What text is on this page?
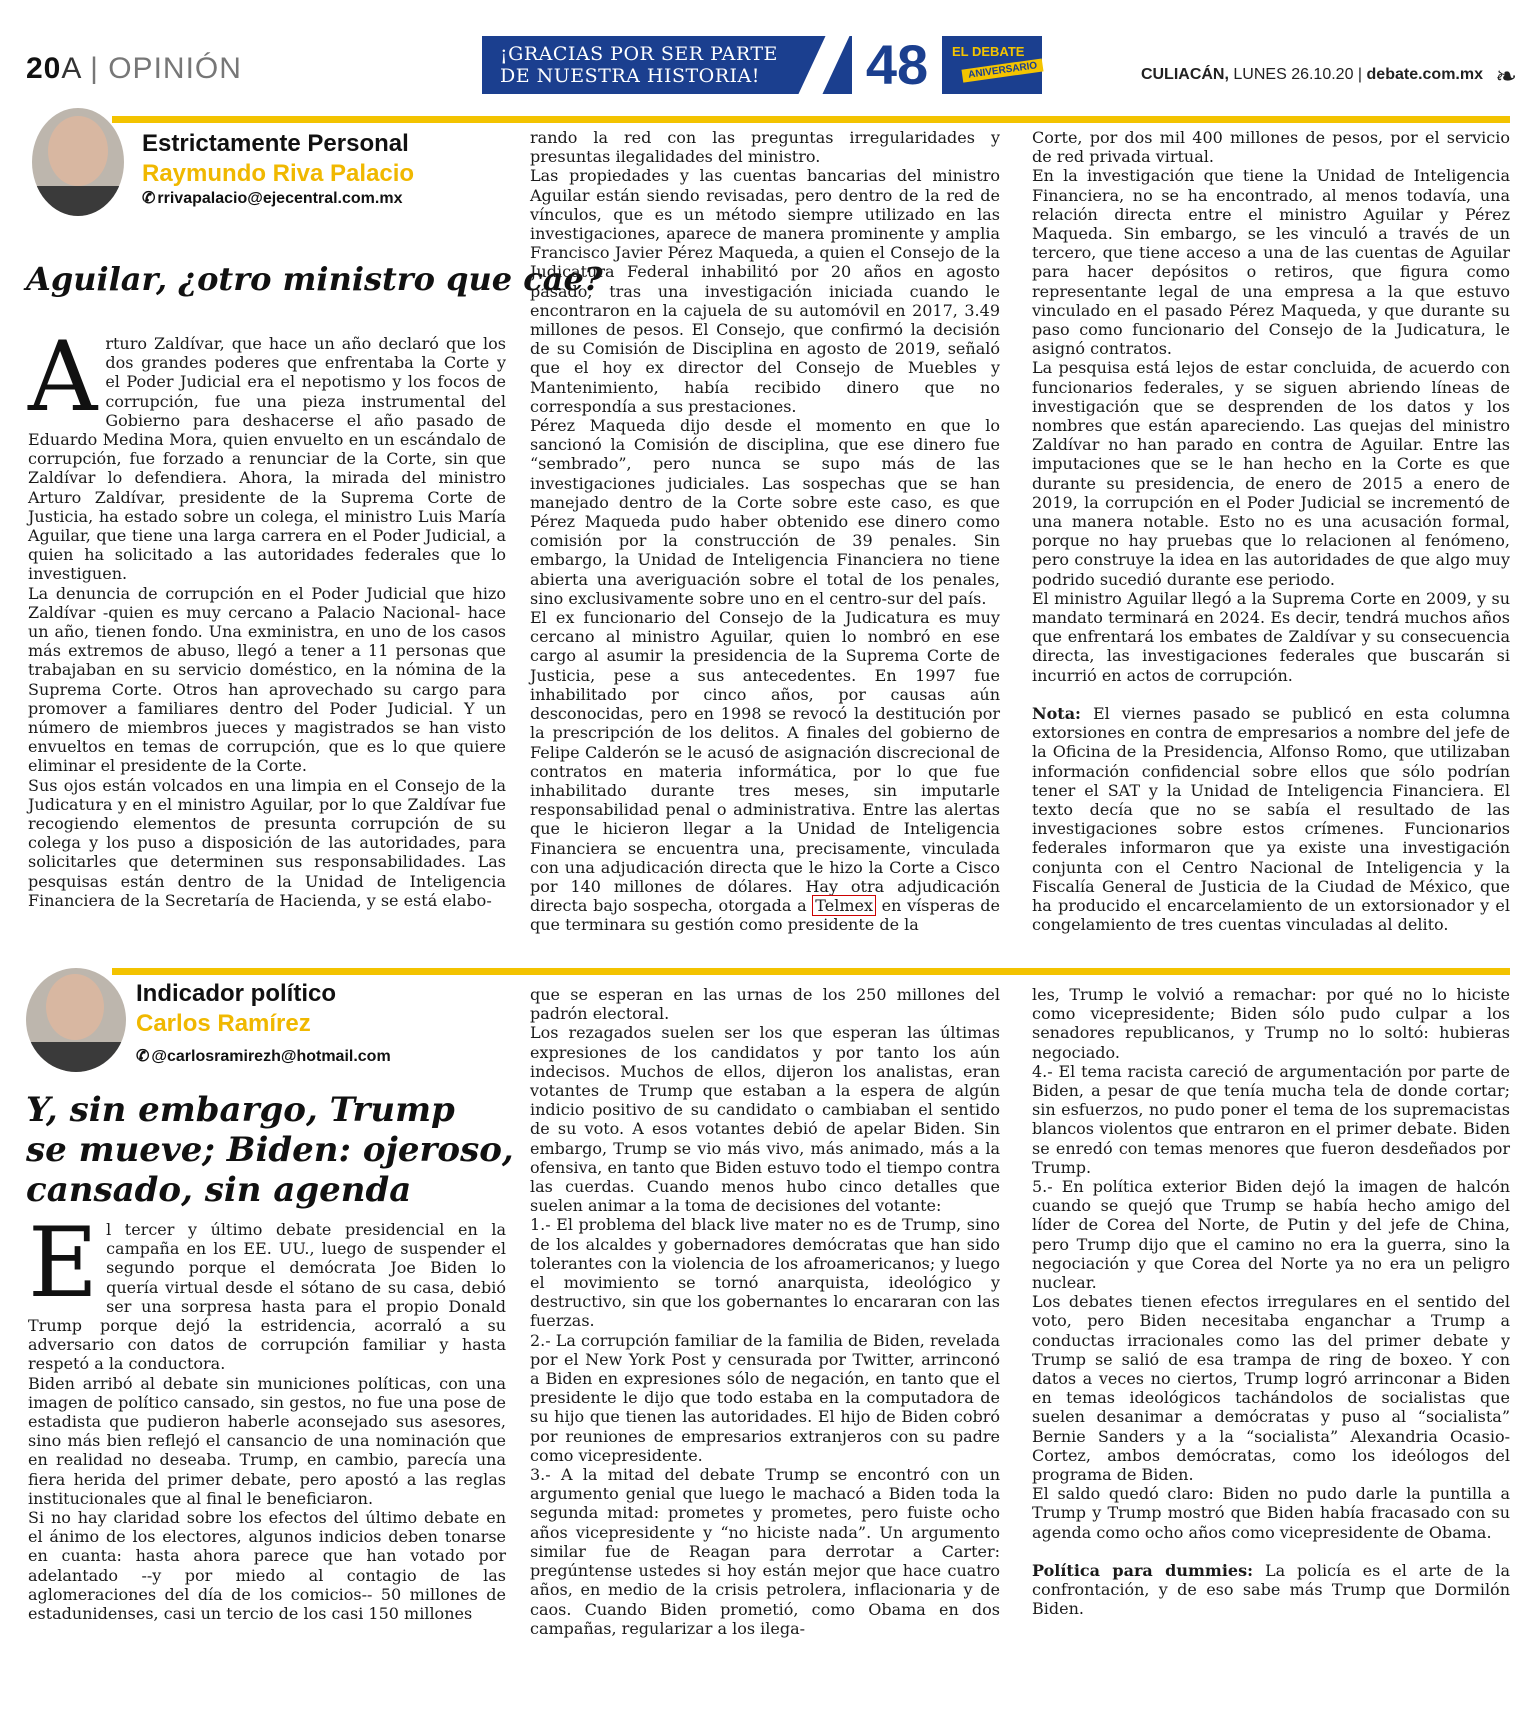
20A | OPINIÓN	¡GRACIAS POR SER PARTE
DE NUESTRA HISTORIA!	48	EL DEBATE
ANIVERSARIO	CULIACÁN, LUNES 26.10.20 | debate.com.mx ❧
Estrictamente Personal
Raymundo Riva Palacio
✆ rrivapalacio@ejecentral.com.mx
Aguilar, ¿otro ministro que cae?

Arturo Zaldívar, que hace un año declaró que los dos grandes poderes que enfrentaba la Corte y el Poder Judicial era el nepotismo y los focos de corrupción, fue una pieza instrumental del Gobierno para deshacerse el año pasado de Eduardo Medina Mora, quien envuelto en un escándalo de corrupción, fue forzado a renunciar de la Corte, sin que Zaldívar lo defendiera. Ahora, la mirada del ministro Arturo Zaldívar, presidente de la Suprema Corte de Justicia, ha estado sobre un colega, el ministro Luis María Aguilar, que tiene una larga carrera en el Poder Judicial, a quien ha solicitado a las autoridades federales que lo investiguen.

La denuncia de corrupción en el Poder Judicial que hizo Zaldívar -quien es muy cercano a Palacio Nacional- hace un año, tienen fondo. Una exministra, en uno de los casos más extremos de abuso, llegó a tener a 11 personas que trabajaban en su servicio doméstico, en la nómina de la Suprema Corte. Otros han aprovechado su cargo para promover a familiares dentro del Poder Judicial. Y un número de miembros jueces y magistrados se han visto envueltos en temas de corrupción, que es lo que quiere eliminar el presidente de la Corte.

Sus ojos están volcados en una limpia en el Consejo de la Judicatura y en el ministro Aguilar, por lo que Zaldívar fue recogiendo elementos de presunta corrupción de su colega y los puso a disposición de las autoridades, para solicitarles que determinen sus responsabilidades. Las pesquisas están dentro de la Unidad de Inteligencia Financiera de la Secretaría de Hacienda, y se está elabo-

rando la red con las preguntas irregularidades y presuntas ilegalidades del ministro.

Las propiedades y las cuentas bancarias del ministro Aguilar están siendo revisadas, pero dentro de la red de vínculos, que es un método siempre utilizado en las investigaciones, aparece de manera prominente y amplia Francisco Javier Pérez Maqueda, a quien el Consejo de la Judicatura Federal inhabilitó por 20 años en agosto pasado, tras una investigación iniciada cuando le encontraron en la cajuela de su automóvil en 2017, 3.49 millones de pesos. El Consejo, que confirmó la decisión de su Comisión de Disciplina en agosto de 2019, señaló que el hoy ex director del Consejo de Muebles y Mantenimiento, había recibido dinero que no correspondía a sus prestaciones.

Pérez Maqueda dijo desde el momento en que lo sancionó la Comisión de disciplina, que ese dinero fue “sembrado”, pero nunca se supo más de las investigaciones judiciales. Las sospechas que se han manejado dentro de la Corte sobre este caso, es que Pérez Maqueda pudo haber obtenido ese dinero como comisión por la construcción de 39 penales. Sin embargo, la Unidad de Inteligencia Financiera no tiene abierta una averiguación sobre el total de los penales, sino exclusivamente sobre uno en el centro-sur del país.

El ex funcionario del Consejo de la Judicatura es muy cercano al ministro Aguilar, quien lo nombró en ese cargo al asumir la presidencia de la Suprema Corte de Justicia, pese a sus antecedentes. En 1997 fue inhabilitado por cinco años, por causas aún desconocidas, pero en 1998 se revocó la destitución por la prescripción de los delitos. A finales del gobierno de Felipe Calderón se le acusó de asignación discrecional de contratos en materia informática, por lo que fue inhabilitado durante tres meses, sin imputarle responsabilidad penal o administrativa. Entre las alertas que le hicieron llegar a la Unidad de Inteligencia Financiera se encuentra una, precisamente, vinculada con una adjudicación directa que le hizo la Corte a Cisco por 140 millones de dólares. Hay otra adjudicación directa bajo sospecha, otorgada a Telmex en vísperas de que terminara su gestión como presidente de la

Corte, por dos mil 400 millones de pesos, por el servicio de red privada virtual.

En la investigación que tiene la Unidad de Inteligencia Financiera, no se ha encontrado, al menos todavía, una relación directa entre el ministro Aguilar y Pérez Maqueda. Sin embargo, se les vinculó a través de un tercero, que tiene acceso a una de las cuentas de Aguilar para hacer depósitos o retiros, que figura como representante legal de una empresa a la que estuvo vinculado en el pasado Pérez Maqueda, y que durante su paso como funcionario del Consejo de la Judicatura, le asignó contratos.

La pesquisa está lejos de estar concluida, de acuerdo con funcionarios federales, y se siguen abriendo líneas de investigación que se desprenden de los datos y los nombres que están apareciendo. Las quejas del ministro Zaldívar no han parado en contra de Aguilar. Entre las imputaciones que se le han hecho en la Corte es que durante su presidencia, de enero de 2015 a enero de 2019, la corrupción en el Poder Judicial se incrementó de una manera notable. Esto no es una acusación formal, porque no hay pruebas que lo relacionen al fenómeno, pero construye la idea en las autoridades de que algo muy podrido sucedió durante ese periodo.

El ministro Aguilar llegó a la Suprema Corte en 2009, y su mandato terminará en 2024. Es decir, tendrá muchos años que enfrentará los embates de Zaldívar y su consecuencia directa, las investigaciones federales que buscarán si incurrió en actos de corrupción.

Nota: El viernes pasado se publicó en esta columna extorsiones en contra de empresarios a nombre del jefe de la Oficina de la Presidencia, Alfonso Romo, que utilizaban información confidencial sobre ellos que sólo podrían tener el SAT y la Unidad de Inteligencia Financiera. El texto decía que no se sabía el resultado de las investigaciones sobre estos crímenes. Funcionarios federales informaron que ya existe una investigación conjunta con el Centro Nacional de Inteligencia y la Fiscalía General de Justicia de la Ciudad de México, que ha producido el encarcelamiento de un extorsionador y el congelamiento de tres cuentas vinculadas al delito.

Indicador político
Carlos Ramírez
✆ @carlosramirezh@hotmail.com
Y, sin embargo, Trump
se mueve; Biden: ojeroso,
cansado, sin agenda

El tercer y último debate presidencial en la campaña en los EE. UU., luego de suspender el segundo porque el demócrata Joe Biden lo quería virtual desde el sótano de su casa, debió ser una sorpresa hasta para el propio Donald Trump porque dejó la estridencia, acorraló a su adversario con datos de corrupción familiar y hasta respetó a la conductora.

Biden arribó al debate sin municiones políticas, con una imagen de político cansado, sin gestos, no fue una pose de estadista que pudieron haberle aconsejado sus asesores, sino más bien reflejó el cansancio de una nominación que en realidad no deseaba. Trump, en cambio, parecía una fiera herida del primer debate, pero apostó a las reglas institucionales que al final le beneficiaron.

Si no hay claridad sobre los efectos del último debate en el ánimo de los electores, algunos indicios deben tonarse en cuanta: hasta ahora parece que han votado por adelantado --y por miedo al contagio de las aglomeraciones del día de los comicios-- 50 millones de estadunidenses, casi un tercio de los casi 150 millones

que se esperan en las urnas de los 250 millones del padrón electoral.

Los rezagados suelen ser los que esperan las últimas expresiones de los candidatos y por tanto los aún indecisos. Muchos de ellos, dijeron los analistas, eran votantes de Trump que estaban a la espera de algún indicio positivo de su candidato o cambiaban el sentido de su voto. A esos votantes debió de apelar Biden. Sin embargo, Trump se vio más vivo, más animado, más a la ofensiva, en tanto que Biden estuvo todo el tiempo contra las cuerdas. Cuando menos hubo cinco detalles que suelen animar a la toma de decisiones del votante:

1.- El problema del black live mater no es de Trump, sino de los alcaldes y gobernadores demócratas que han sido tolerantes con la violencia de los afroamericanos; y luego el movimiento se tornó anarquista, ideológico y destructivo, sin que los gobernantes lo encararan con las fuerzas.

2.- La corrupción familiar de la familia de Biden, revelada por el New York Post y censurada por Twitter, arrinconó a Biden en expresiones sólo de negación, en tanto que el presidente le dijo que todo estaba en la computadora de su hijo que tienen las autoridades. El hijo de Biden cobró por reuniones de empresarios extranjeros con su padre como vicepresidente.

3.- A la mitad del debate Trump se encontró con un argumento genial que luego le machacó a Biden toda la segunda mitad: prometes y prometes, pero fuiste ocho años vicepresidente y “no hiciste nada”. Un argumento similar fue de Reagan para derrotar a Carter: pregúntense ustedes si hoy están mejor que hace cuatro años, en medio de la crisis petrolera, inflacionaria y de caos. Cuando Biden prometió, como Obama en dos campañas, regularizar a los ilega-

les, Trump le volvió a remachar: por qué no lo hiciste como vicepresidente; Biden sólo pudo culpar a los senadores republicanos, y Trump no lo soltó: hubieras negociado.

4.- El tema racista careció de argumentación por parte de Biden, a pesar de que tenía mucha tela de donde cortar; sin esfuerzos, no pudo poner el tema de los supremacistas blancos violentos que entraron en el primer debate. Biden se enredó con temas menores que fueron desdeñados por Trump.

5.- En política exterior Biden dejó la imagen de halcón cuando se quejó que Trump se había hecho amigo del líder de Corea del Norte, de Putin y del jefe de China, pero Trump dijo que el camino no era la guerra, sino la negociación y que Corea del Norte ya no era un peligro nuclear.

Los debates tienen efectos irregulares en el sentido del voto, pero Biden necesitaba enganchar a Trump a conductas irracionales como las del primer debate y Trump se salió de esa trampa de ring de boxeo. Y con datos a veces no ciertos, Trump logró arrinconar a Biden en temas ideológicos tachándolos de socialistas que suelen desanimar a demócratas y puso al “socialista” Bernie Sanders y a la “socialista” Alexandria Ocasio-Cortez, ambos demócratas, como los ideólogos del programa de Biden.

El saldo quedó claro: Biden no pudo darle la puntilla a Trump y Trump mostró que Biden había fracasado con su agenda como ocho años como vicepresidente de Obama.

Política para dummies: La policía es el arte de la confrontación, y de eso sabe más Trump que Dormilón Biden.
